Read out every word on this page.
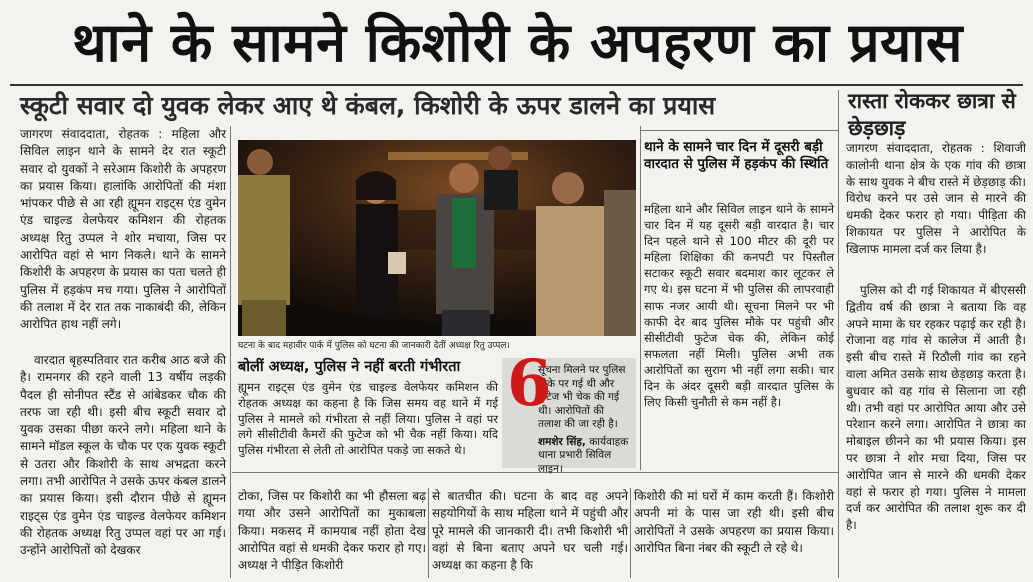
थाने के सामने किशोरी के अपहरण का प्रयास
स्कूटी सवार दो युवक लेकर आए थे कंबल, किशोरी के ऊपर डालने का प्रयास	रास्ता रोककर छात्रा से छेड़छाड़
जागरण संवाददाता, रोहतक : महिला और सिविल लाइन थाने के सामने देर रात स्कूटी सवार दो युवकों ने सरेआम किशोरी के अपहरण का प्रयास किया। हालांकि आरोपितों की मंशा भांपकर पीछे से आ रही ह्यूमन राइट्स एंड वुमेन एंड चाइल्ड वेलफेयर कमिशन की रोहतक अध्यक्ष रितु उप्पल ने शोर मचाया, जिस पर आरोपित वहां से भाग निकले। थाने के सामने किशोरी के अपहरण के प्रयास का पता चलते ही पुलिस में हड़कंप मच गया। पुलिस ने आरोपितों की तलाश में देर रात तक नाकाबंदी की, लेकिन आरोपित हाथ नहीं लगे।
वारदात बृहस्पतिवार रात करीब आठ बजे की है। रामनगर की रहने वाली 13 वर्षीय लड़की पैदल ही सोनीपत स्टैंड से आंबेडकर चौक की तरफ जा रही थी। इसी बीच स्कूटी सवार दो युवक उसका पीछा करने लगे। महिला थाने के सामने मॉडल स्कूल के चौक पर एक युवक स्कूटी से उतरा और किशोरी के साथ अभद्रता करने लगा। तभी आरोपित ने उसके ऊपर कंबल डालने का प्रयास किया। इसी दौरान पीछे से ह्यूमन राइट्स एंड वुमेन एंड चाइल्ड वेलफेयर कमिशन की रोहतक अध्यक्ष रितु उप्पल वहां पर आ गई। उन्होंने आरोपितों को देखकर
घटना के बाद महावीर पार्क में पुलिस को घटना की जानकारी देतीं अध्यक्ष रितु उप्पल।
बोलीं अध्यक्ष, पुलिस ने नहीं बरती गंभीरता
ह्यूमन राइट्स एंड वुमेन एंड चाइल्ड वेलफेयर कमिशन की रोहतक अध्यक्ष का कहना है कि जिस समय वह थाने में गई पुलिस ने मामले को गंभीरता से नहीं लिया। पुलिस ने वहां पर लगे सीसीटीवी कैमरों की फुटेज को भी चैक नहीं किया। यदि पुलिस गंभीरता से लेती तो आरोपित पकड़े जा सकते थे।
6
सूचना मिलने पर पुलिस मौके पर गई थी और फुटेज भी चेक की गई थी। आरोपितों की तलाश की जा रही है।
शमशेर सिंह, कार्यवाहक थाना प्रभारी सिविल लाइन।
थाने के सामने चार दिन में दूसरी बड़ी वारदात से पुलिस में हड़कंप की स्थिति
महिला थाने और सिविल लाइन थाने के सामने चार दिन में यह दूसरी बड़ी वारदात है। चार दिन पहले थाने से 100 मीटर की दूरी पर महिला शिक्षिका की कनपटी पर पिस्तौल सटाकर स्कूटी सवार बदमाश कार लूटकर ले गए थे। इस घटना में भी पुलिस की लापरवाही साफ नजर आयी थी। सूचना मिलने पर भी काफी देर बाद पुलिस मौके पर पहुंची और सीसीटीवी फुटेज चेक की, लेकिन कोई सफलता नहीं मिली। पुलिस अभी तक आरोपितों का सुराग भी नहीं लगा सकी। चार दिन के अंदर दूसरी बड़ी वारदात पुलिस के लिए किसी चुनौती से कम नहीं है।
टोका, जिस पर किशोरी का भी हौसला बढ़ गया और उसने आरोपितों का मुकाबला किया। मकसद में कामयाब नहीं होता देख आरोपित वहां से धमकी देकर फरार हो गए। अध्यक्ष ने पीड़ित किशोरी
से बातचीत की। घटना के बाद वह अपने सहयोगियों के साथ महिला थाने में पहुंची और पूरे मामले की जानकारी दी। तभी किशोरी भी वहां से बिना बताए अपने घर चली गई। अध्यक्ष का कहना है कि
किशोरी की मां घरों में काम करती हैं। किशोरी अपनी मां के पास जा रही थी। इसी बीच आरोपितों ने उसके अपहरण का प्रयास किया। आरोपित बिना नंबर की स्कूटी ले रहे थे।
जागरण संवाददाता, रोहतक : शिवाजी कालोनी थाना क्षेत्र के एक गांव की छात्रा के साथ युवक ने बीच रास्ते में छेड़छाड़ की। विरोध करने पर उसे जान से मारने की धमकी देकर फरार हो गया। पीड़िता की शिकायत पर पुलिस ने आरोपित के खिलाफ मामला दर्ज कर लिया है।
पुलिस को दी गई शिकायत में बीएससी द्वितीय वर्ष की छात्रा ने बताया कि वह अपने मामा के घर रहकर पढ़ाई कर रही है। रोजाना वह गांव से कालेज में आती है। इसी बीच रास्ते में रिठौली गांव का रहने वाला अमित उसके साथ छेड़छाड़ करता है। बुधवार को वह गांव से सिलाना जा रही थी। तभी वहां पर आरोपित आया और उसे परेशान करने लगा। आरोपित ने छात्रा का मोबाइल छीनने का भी प्रयास किया। इस पर छात्रा ने शोर मचा दिया, जिस पर आरोपित जान से मारने की धमकी देकर वहां से फरार हो गया। पुलिस ने मामला दर्ज कर आरोपित की तलाश शुरू कर दी है।
